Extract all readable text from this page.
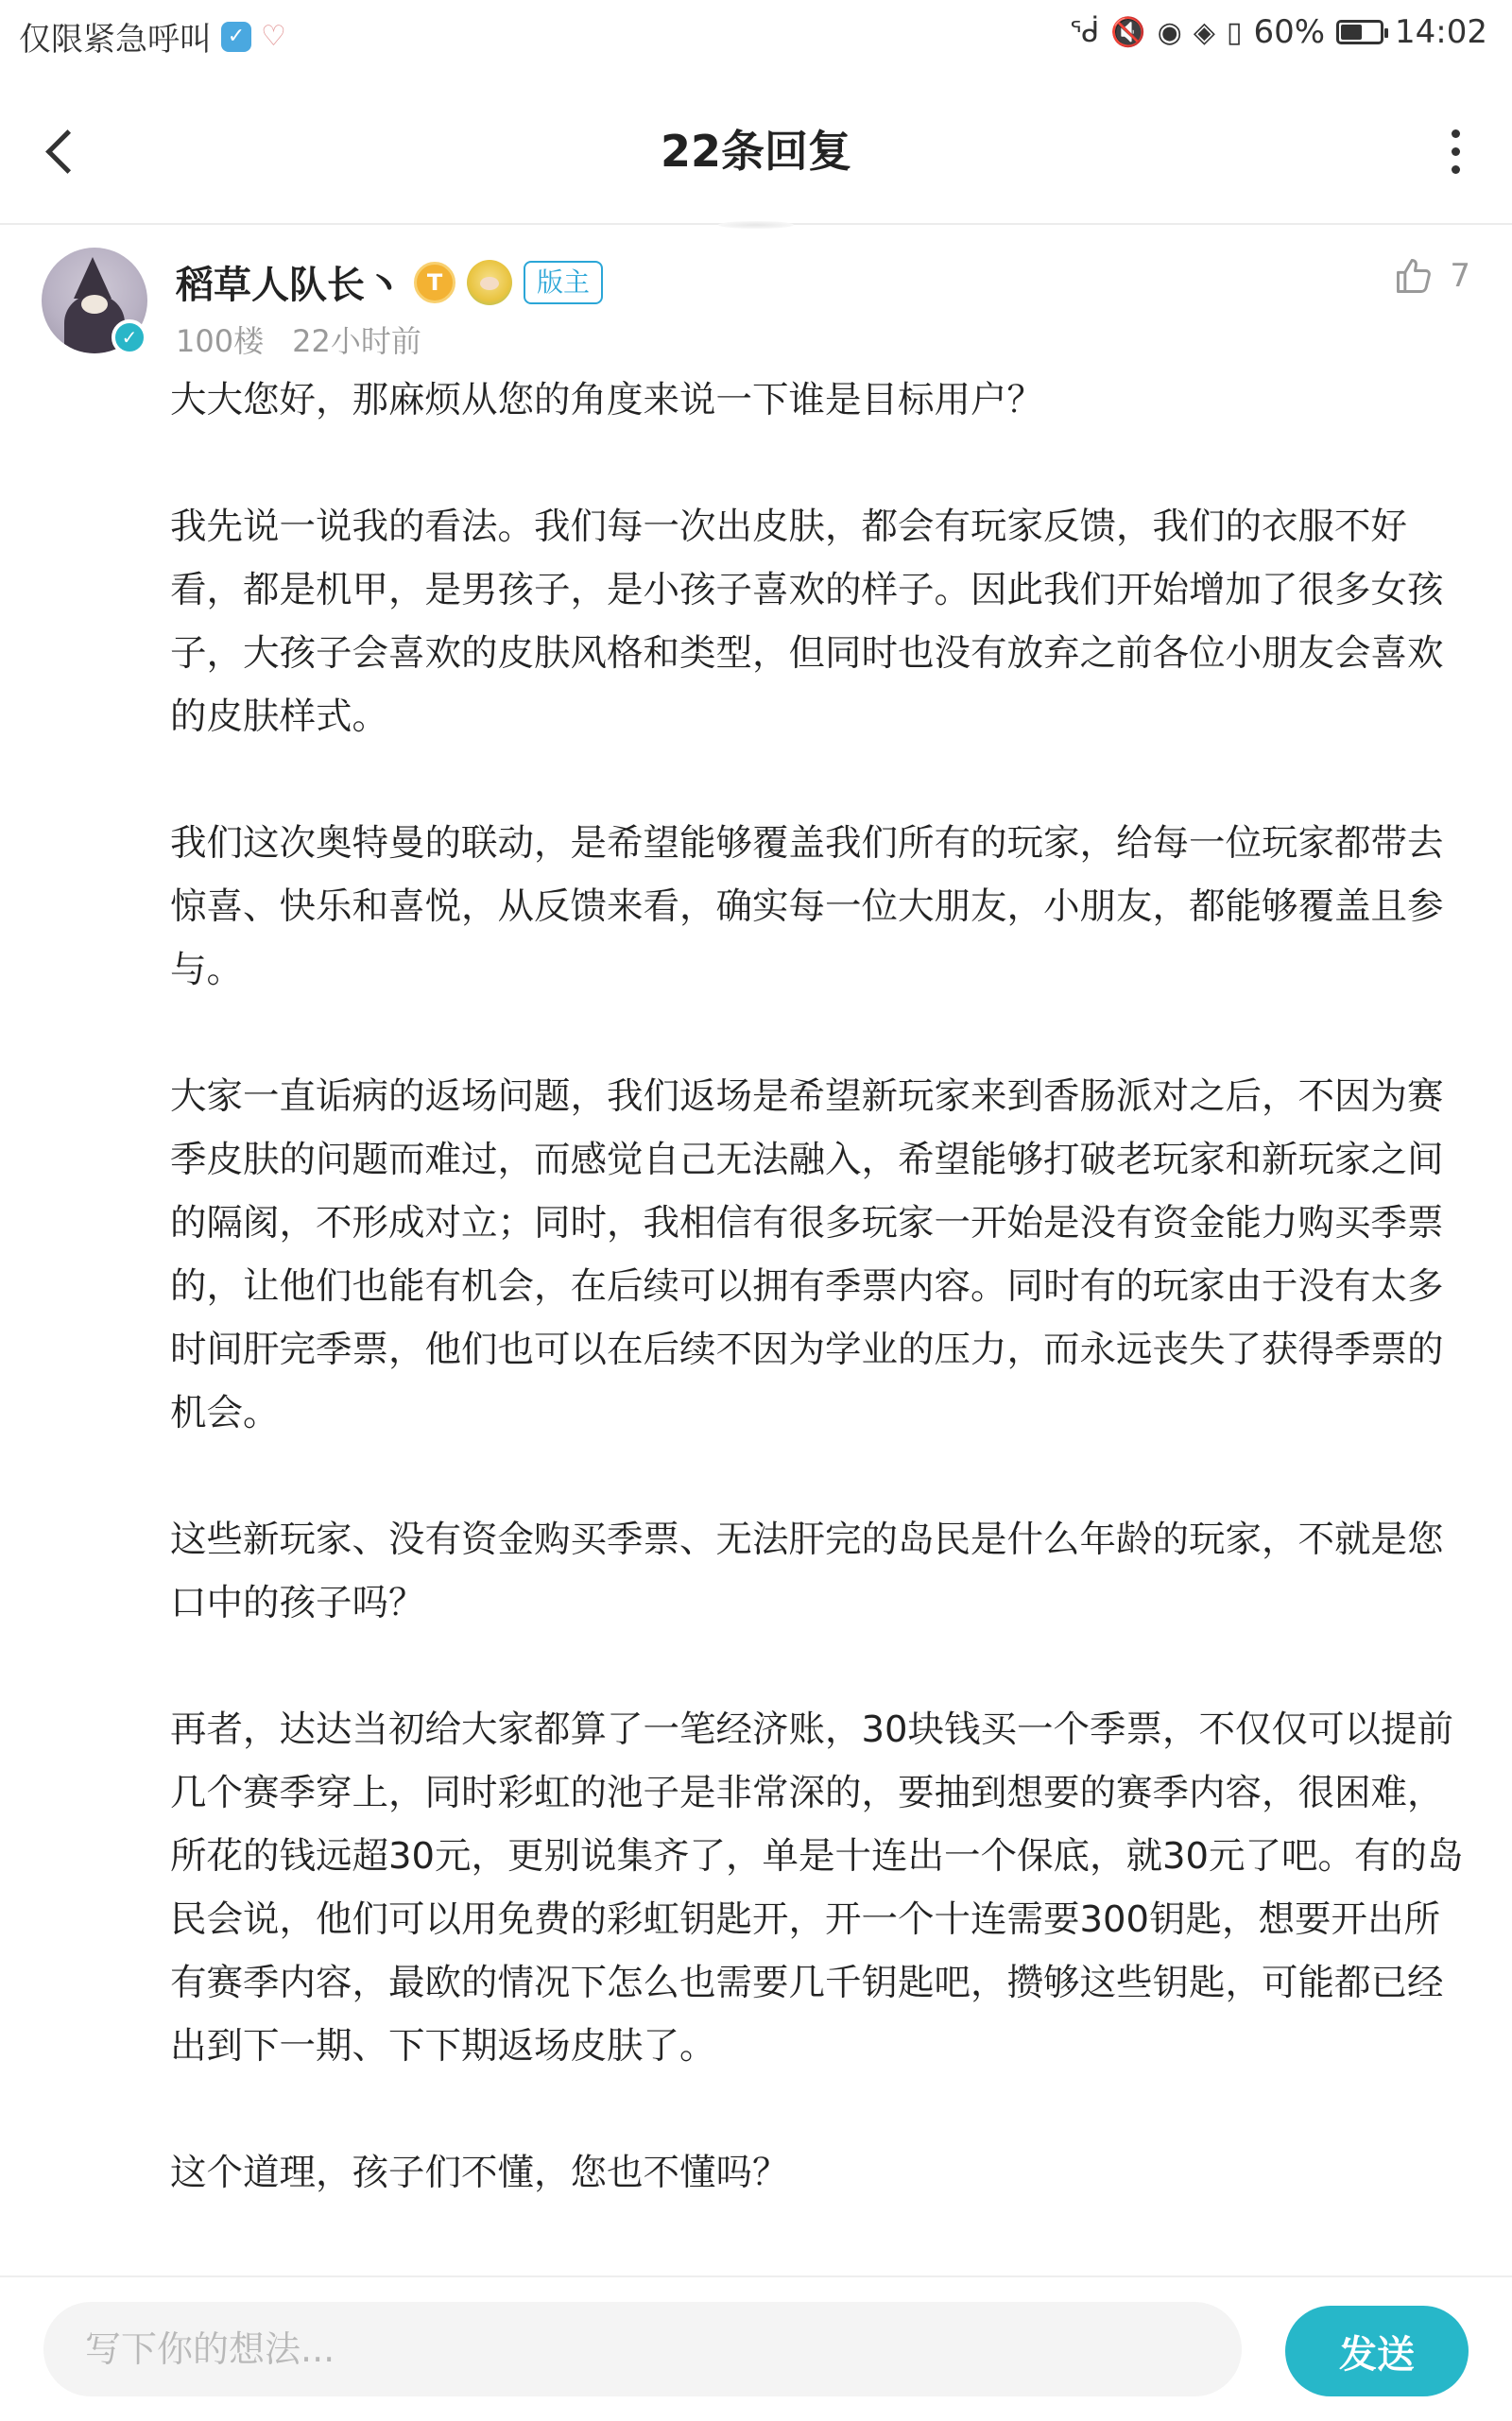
仅限紧急呼叫 ✓ ♡	ᖂ 🔇 ◉ ◈ ▯ 60% 14:02
22条回复
✓
稻草人队长丶	T	版主
100楼 22小时前
7

大大您好，那麻烦从您的角度来说一下谁是目标用户？

我先说一说我的看法。我们每一次出皮肤，都会有玩家反馈，我们的衣服不好看，都是机甲，是男孩子，是小孩子喜欢的样子。因此我们开始增加了很多女孩子，大孩子会喜欢的皮肤风格和类型，但同时也没有放弃之前各位小朋友会喜欢的皮肤样式。

我们这次奥特曼的联动，是希望能够覆盖我们所有的玩家，给每一位玩家都带去惊喜、快乐和喜悦，从反馈来看，确实每一位大朋友，小朋友，都能够覆盖且参与。

大家一直诟病的返场问题，我们返场是希望新玩家来到香肠派对之后，不因为赛季皮肤的问题而难过，而感觉自己无法融入，希望能够打破老玩家和新玩家之间的隔阂，不形成对立；同时，我相信有很多玩家一开始是没有资金能力购买季票的，让他们也能有机会，在后续可以拥有季票内容。同时有的玩家由于没有太多时间肝完季票，他们也可以在后续不因为学业的压力，而永远丧失了获得季票的机会。

这些新玩家、没有资金购买季票、无法肝完的岛民是什么年龄的玩家，不就是您口中的孩子吗？

再者，达达当初给大家都算了一笔经济账，30块钱买一个季票，不仅仅可以提前几个赛季穿上，同时彩虹的池子是非常深的，要抽到想要的赛季内容，很困难，所花的钱远超30元，更别说集齐了，单是十连出一个保底，就30元了吧。有的岛民会说，他们可以用免费的彩虹钥匙开，开一个十连需要300钥匙，想要开出所有赛季内容，最欧的情况下怎么也需要几千钥匙吧，攒够这些钥匙，可能都已经出到下一期、下下期返场皮肤了。

这个道理，孩子们不懂，您也不懂吗？

写下你的想法...
发送
